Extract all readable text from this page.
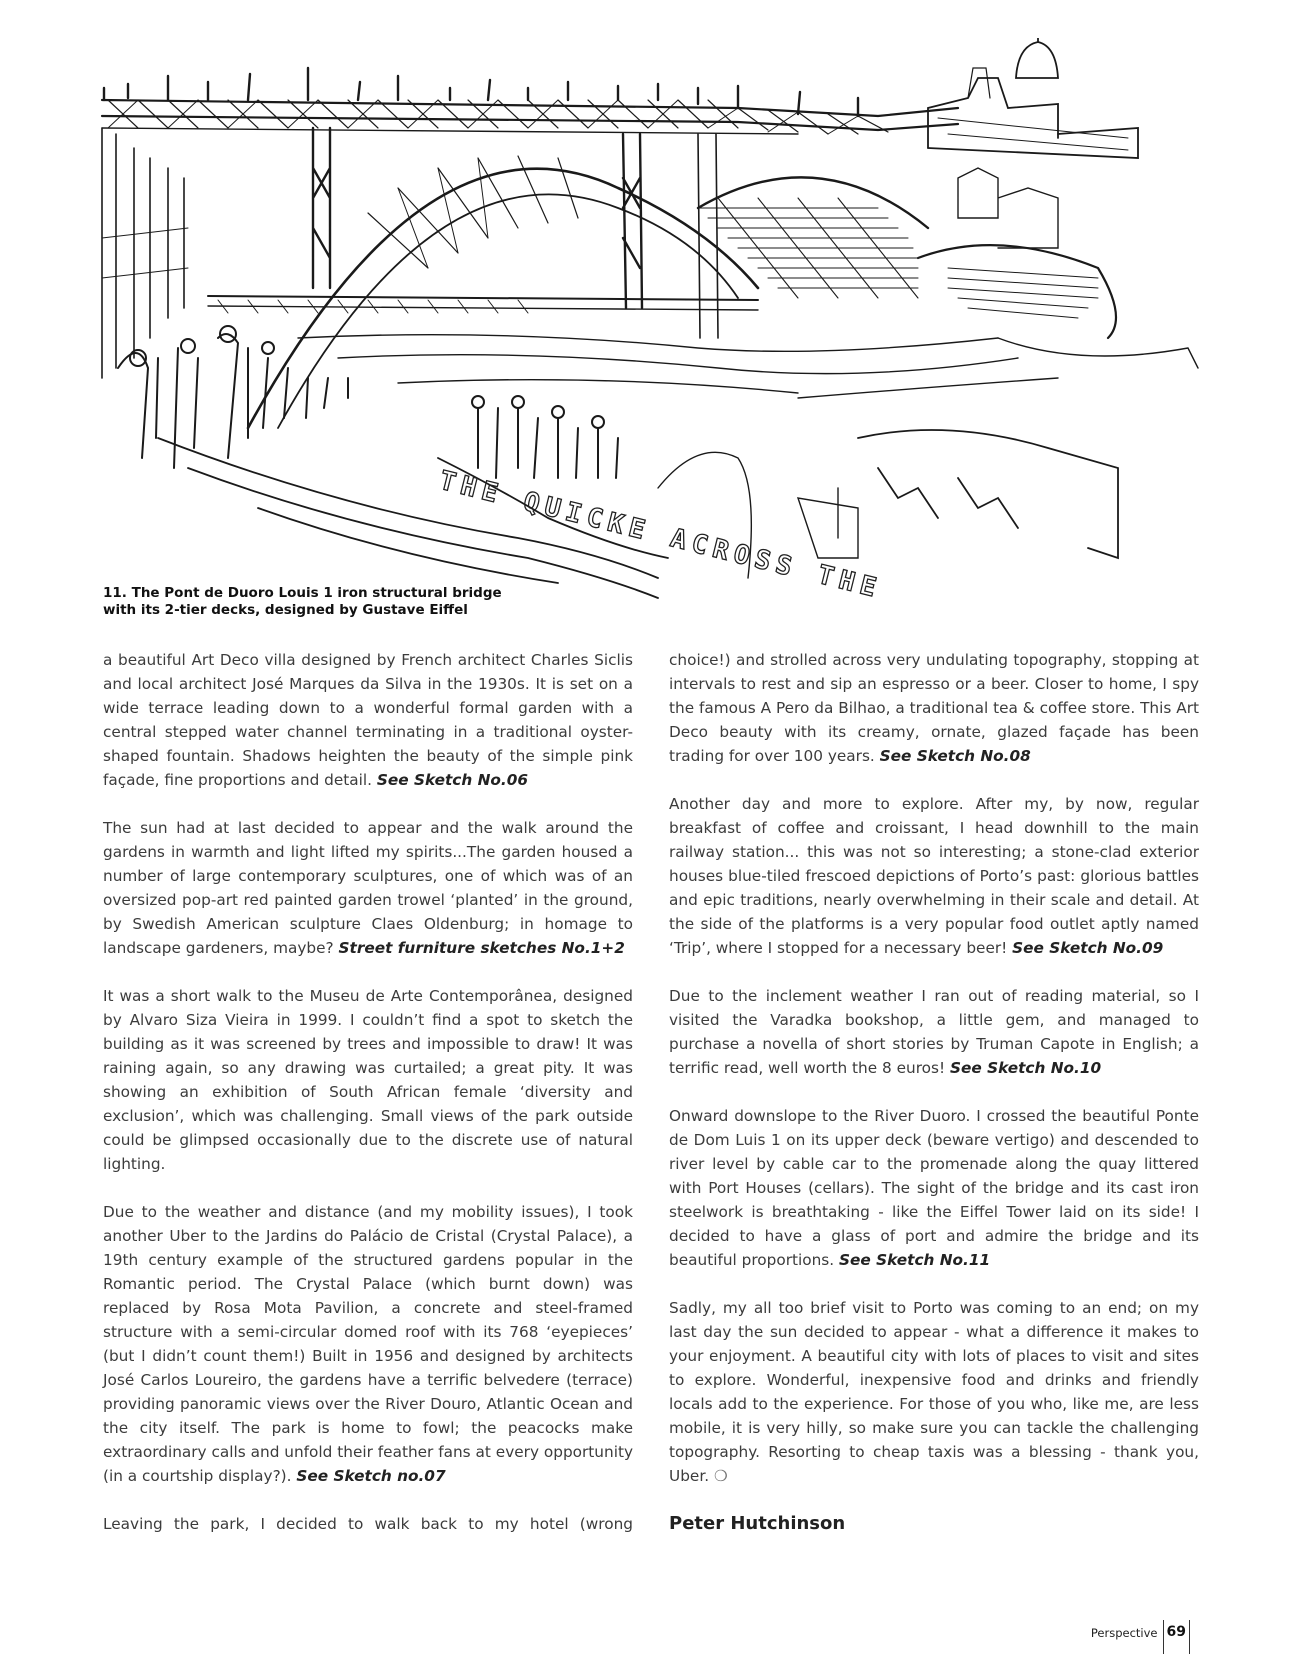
THE QUICKE ACROSS THE
11. The Pont de Duoro Louis 1 iron structural bridge
with its 2-tier decks, designed by Gustave Eiffel

a beautiful Art Deco villa designed by French architect Charles Siclis and local architect José Marques da Silva in the 1930s. It is set on a wide terrace leading down to a wonderful formal garden with a central stepped water channel terminating in a traditional oyster-shaped fountain. Shadows heighten the beauty of the simple pink façade, fine proportions and detail. See Sketch No.06

The sun had at last decided to appear and the walk around the gardens in warmth and light lifted my spirits...The garden housed a number of large contemporary sculptures, one of which was of an oversized pop-art red painted garden trowel ‘planted’ in the ground, by Swedish American sculpture Claes Oldenburg; in homage to landscape gardeners, maybe? Street furniture sketches No.1+2

It was a short walk to the Museu de Arte Contemporânea, designed by Alvaro Siza Vieira in 1999. I couldn’t find a spot to sketch the building as it was screened by trees and impossible to draw! It was raining again, so any drawing was curtailed; a great pity. It was showing an exhibition of South African female ‘diversity and exclusion’, which was challenging. Small views of the park outside could be glimpsed occasionally due to the discrete use of natural lighting.

Due to the weather and distance (and my mobility issues), I took another Uber to the Jardins do Palácio de Cristal (Crystal Palace), a 19th century example of the structured gardens popular in the Romantic period. The Crystal Palace (which burnt down) was replaced by Rosa Mota Pavilion, a concrete and steel-framed structure with a semi-circular domed roof with its 768 ‘eyepieces’ (but I didn’t count them!) Built in 1956 and designed by architects José Carlos Loureiro, the gardens have a terrific belvedere (terrace) providing panoramic views over the River Douro, Atlantic Ocean and the city itself. The park is home to fowl; the peacocks make extraordinary calls and unfold their feather fans at every opportunity (in a courtship display?). See Sketch no.07

Leaving the park, I decided to walk back to my hotel (wrong

choice!) and strolled across very undulating topography, stopping at intervals to rest and sip an espresso or a beer. Closer to home, I spy the famous A Pero da Bilhao, a traditional tea & coffee store. This Art Deco beauty with its creamy, ornate, glazed façade has been trading for over 100 years. See Sketch No.08

Another day and more to explore. After my, by now, regular breakfast of coffee and croissant, I head downhill to the main railway station... this was not so interesting; a stone-clad exterior houses blue-tiled frescoed depictions of Porto’s past: glorious battles and epic traditions, nearly overwhelming in their scale and detail. At the side of the platforms is a very popular food outlet aptly named ‘Trip’, where I stopped for a necessary beer! See Sketch No.09

Due to the inclement weather I ran out of reading material, so I visited the Varadka bookshop, a little gem, and managed to purchase a novella of short stories by Truman Capote in English; a terrific read, well worth the 8 euros! See Sketch No.10

Onward downslope to the River Duoro. I crossed the beautiful Ponte de Dom Luis 1 on its upper deck (beware vertigo) and descended to river level by cable car to the promenade along the quay littered with Port Houses (cellars). The sight of the bridge and its cast iron steelwork is breathtaking - like the Eiffel Tower laid on its side! I decided to have a glass of port and admire the bridge and its beautiful proportions. See Sketch No.11

Sadly, my all too brief visit to Porto was coming to an end; on my last day the sun decided to appear - what a difference it makes to your enjoyment. A beautiful city with lots of places to visit and sites to explore. Wonderful, inexpensive food and drinks and friendly locals add to the experience. For those of you who, like me, are less mobile, it is very hilly, so make sure you can tackle the challenging topography. Resorting to cheap taxis was a blessing - thank you, Uber. ❍

Peter Hutchinson
Perspective 69
